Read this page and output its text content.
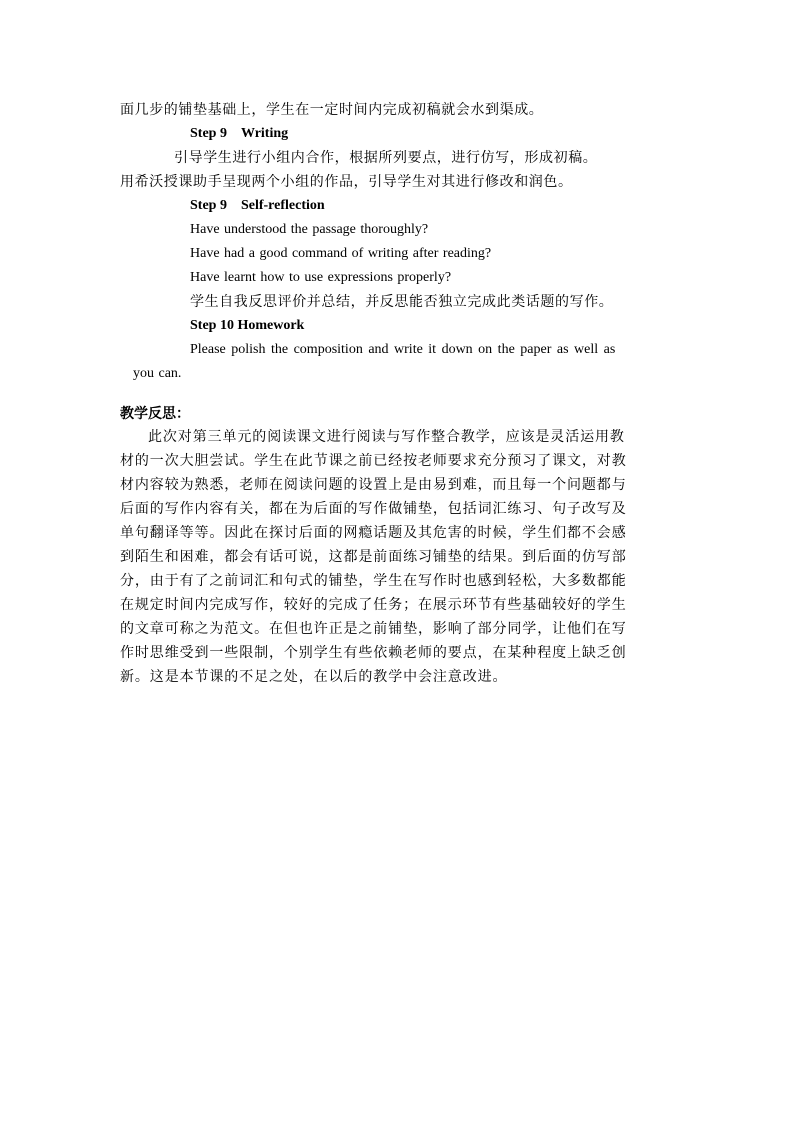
面几步的铺垫基础上，学生在一定时间内完成初稿就会水到渠成。
Step 9 Writing
引导学生进行小组内合作，根据所列要点，进行仿写，形成初稿。
用希沃授课助手呈现两个小组的作品，引导学生对其进行修改和润色。
Step 9 Self-reflection
Have understood the passage thoroughly?
Have had a good command of writing after reading?
Have learnt how to use expressions properly?
学生自我反思评价并总结，并反思能否独立完成此类话题的写作。
Step 10 Homework
Please polish the composition and write it down on the paper as well as
you can.
教学反思：
此次对第三单元的阅读课文进行阅读与写作整合教学，应该是灵活运用教
材的一次大胆尝试。学生在此节课之前已经按老师要求充分预习了课文，对教
材内容较为熟悉，老师在阅读问题的设置上是由易到难，而且每一个问题都与
后面的写作内容有关，都在为后面的写作做铺垫，包括词汇练习、句子改写及
单句翻译等等。因此在探讨后面的网瘾话题及其危害的时候，学生们都不会感
到陌生和困难，都会有话可说，这都是前面练习铺垫的结果。到后面的仿写部
分，由于有了之前词汇和句式的铺垫，学生在写作时也感到轻松，大多数都能
在规定时间内完成写作，较好的完成了任务；在展示环节有些基础较好的学生
的文章可称之为范文。在但也许正是之前铺垫，影响了部分同学，让他们在写
作时思维受到一些限制，个别学生有些依赖老师的要点，在某种程度上缺乏创
新。这是本节课的不足之处，在以后的教学中会注意改进。
